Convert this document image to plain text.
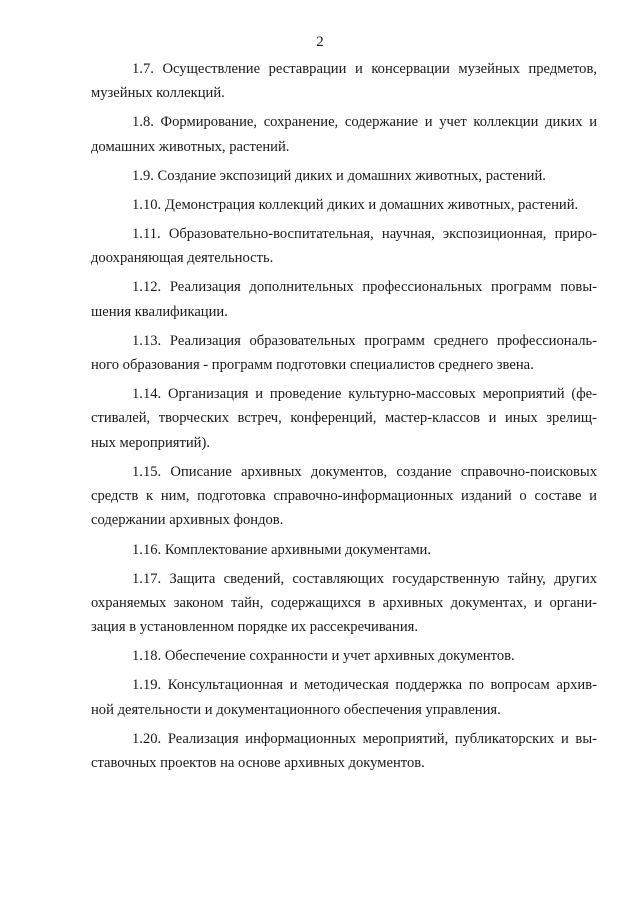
2

1.7. Осуществление реставрации и консервации музейных предметов,
музейных коллекций.

1.8. Формирование, сохранение, содержание и учет коллекции диких и
домашних животных, растений.

1.9. Создание экспозиций диких и домашних животных, растений.

1.10. Демонстрация коллекций диких и домашних животных, растений.

1.11. Образовательно-воспитательная, научная, экспозиционная, приро-
доохраняющая деятельность.

1.12. Реализация дополнительных профессиональных программ повы-
шения квалификации.

1.13. Реализация образовательных программ среднего профессиональ-
ного образования - программ подготовки специалистов среднего звена.

1.14. Организация и проведение культурно-массовых мероприятий (фе-
стивалей, творческих встреч, конференций, мастер-классов и иных зрелищ-
ных мероприятий).

1.15. Описание архивных документов, создание справочно-поисковых
средств к ним, подготовка справочно-информационных изданий о составе и
содержании архивных фондов.

1.16. Комплектование архивными документами.

1.17. Защита сведений, составляющих государственную тайну, других
охраняемых законом тайн, содержащихся в архивных документах, и органи-
зация в установленном порядке их рассекречивания.

1.18. Обеспечение сохранности и учет архивных документов.

1.19. Консультационная и методическая поддержка по вопросам архив-
ной деятельности и документационного обеспечения управления.

1.20. Реализация информационных мероприятий, публикаторских и вы-
ставочных проектов на основе архивных документов.
